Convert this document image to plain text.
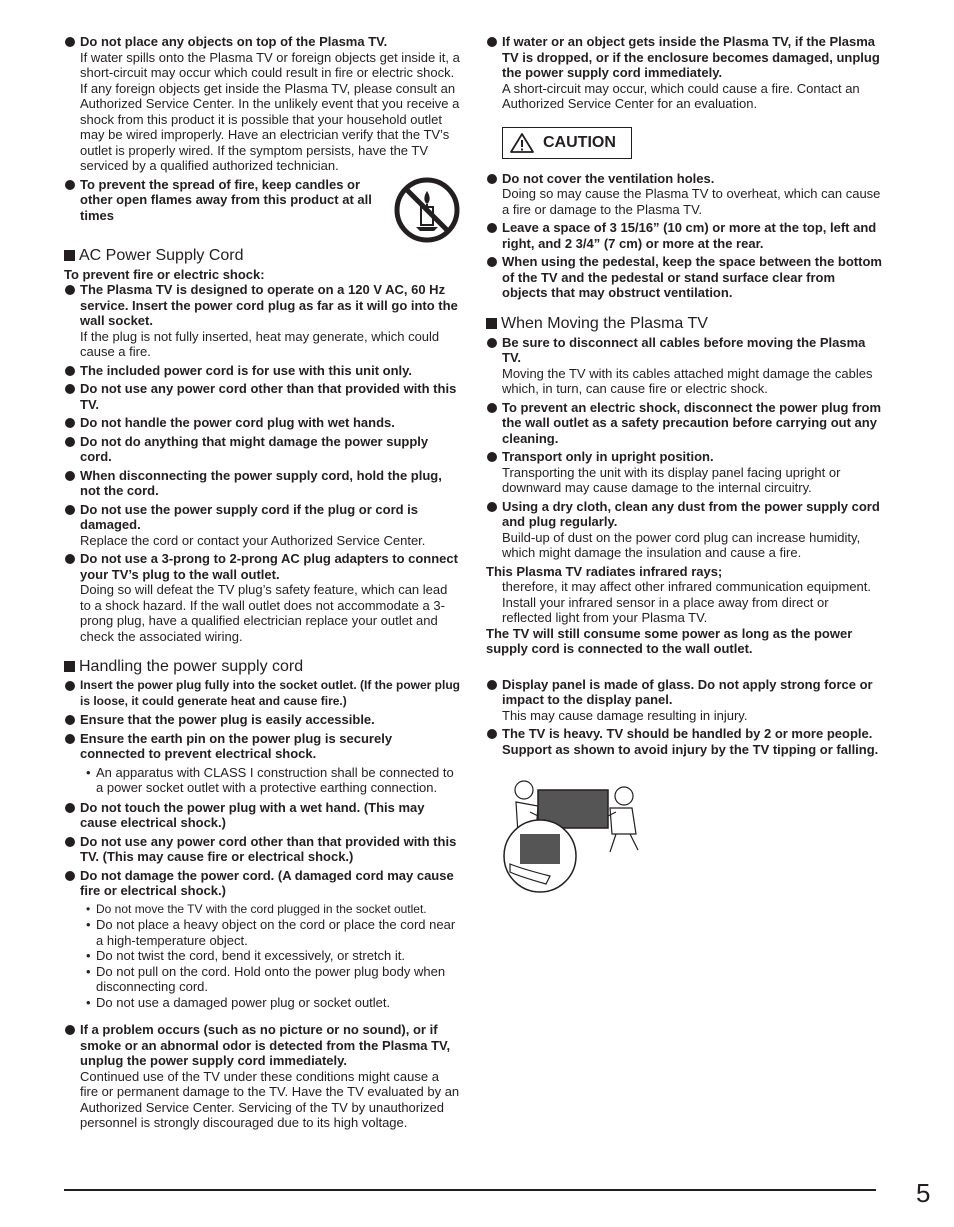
Do not place any objects on top of the Plasma TV.
If water spills onto the Plasma TV or foreign objects get inside it, a short-circuit may occur which could result in fire or electric shock. If any foreign objects get inside the Plasma TV, please consult an Authorized Service Center. In the unlikely event that you receive a shock from this product it is possible that your household outlet may be wired improperly. Have an electrician verify that the TV’s outlet is properly wired. If the symptom persists, have the TV serviced by a qualified authorized technician.
To prevent the spread of fire, keep candles or other open flames away from this product at all times
AC Power Supply Cord
To prevent fire or electric shock:
The Plasma TV is designed to operate on a 120 V AC, 60 Hz service. Insert the power cord plug as far as it will go into the wall socket.
If the plug is not fully inserted, heat may generate, which could cause a fire.
The included power cord is for use with this unit only.
Do not use any power cord other than that provided with this TV.
Do not handle the power cord plug with wet hands.
Do not do anything that might damage the power supply cord.
When disconnecting the power supply cord, hold the plug, not the cord.
Do not use the power supply cord if the plug or cord is damaged.
Replace the cord or contact your Authorized Service Center.
Do not use a 3-prong to 2-prong AC plug adapters to connect your TV’s plug to the wall outlet.
Doing so will defeat the TV plug’s safety feature, which can lead to a shock hazard. If the wall outlet does not accommodate a 3-prong plug, have a qualified electrician replace your outlet and check the associated wiring.
Handling the power supply cord
Insert the power plug fully into the socket outlet. (If the power plug is loose, it could generate heat and cause fire.)
Ensure that the power plug is easily accessible.
Ensure the earth pin on the power plug is securely connected to prevent electrical shock.
• An apparatus with CLASS I construction shall be connected to a power socket outlet with a protective earthing connection.
Do not touch the power plug with a wet hand. (This may cause electrical shock.)
Do not use any power cord other than that provided with this TV. (This may cause fire or electrical shock.)
Do not damage the power cord. (A damaged cord may cause fire or electrical shock.)
• Do not move the TV with the cord plugged in the socket outlet.
• Do not place a heavy object on the cord or place the cord near a high-temperature object.
• Do not twist the cord, bend it excessively, or stretch it.
• Do not pull on the cord. Hold onto the power plug body when disconnecting cord.
• Do not use a damaged power plug or socket outlet.
If a problem occurs (such as no picture or no sound), or if smoke or an abnormal odor is detected from the Plasma TV, unplug the power supply cord immediately.
Continued use of the TV under these conditions might cause a fire or permanent damage to the TV. Have the TV evaluated by an Authorized Service Center. Servicing of the TV by unauthorized personnel is strongly discouraged due to its high voltage.
If water or an object gets inside the Plasma TV, if the Plasma TV is dropped, or if the enclosure becomes damaged, unplug the power supply cord immediately.
A short-circuit may occur, which could cause a fire. Contact an Authorized Service Center for an evaluation.
CAUTION
Do not cover the ventilation holes.
Doing so may cause the Plasma TV to overheat, which can cause a fire or damage to the Plasma TV.
Leave a space of 3 15/16” (10 cm) or more at the top, left and right, and 2 3/4” (7 cm) or more at the rear.
When using the pedestal, keep the space between the bottom of the TV and the pedestal or stand surface clear from objects that may obstruct ventilation.
When Moving the Plasma TV
Be sure to disconnect all cables before moving the Plasma TV.
Moving the TV with its cables attached might damage the cables which, in turn, can cause fire or electric shock.
To prevent an electric shock, disconnect the power plug from the wall outlet as a safety precaution before carrying out any cleaning.
Transport only in upright position.
Transporting the unit with its display panel facing upright or downward may cause damage to the internal circuitry.
Using a dry cloth, clean any dust from the power supply cord and plug regularly.
Build-up of dust on the power cord plug can increase humidity, which might damage the insulation and cause a fire.
This Plasma TV radiates infrared rays;
therefore, it may affect other infrared communication equipment. Install your infrared sensor in a place away from direct or reflected light from your Plasma TV.
The TV will still consume some power as long as the power supply cord is connected to the wall outlet.
Display panel is made of glass. Do not apply strong force or impact to the display panel.
This may cause damage resulting in injury.
The TV is heavy. TV should be handled by 2 or more people. Support as shown to avoid injury by the TV tipping or falling.
5
